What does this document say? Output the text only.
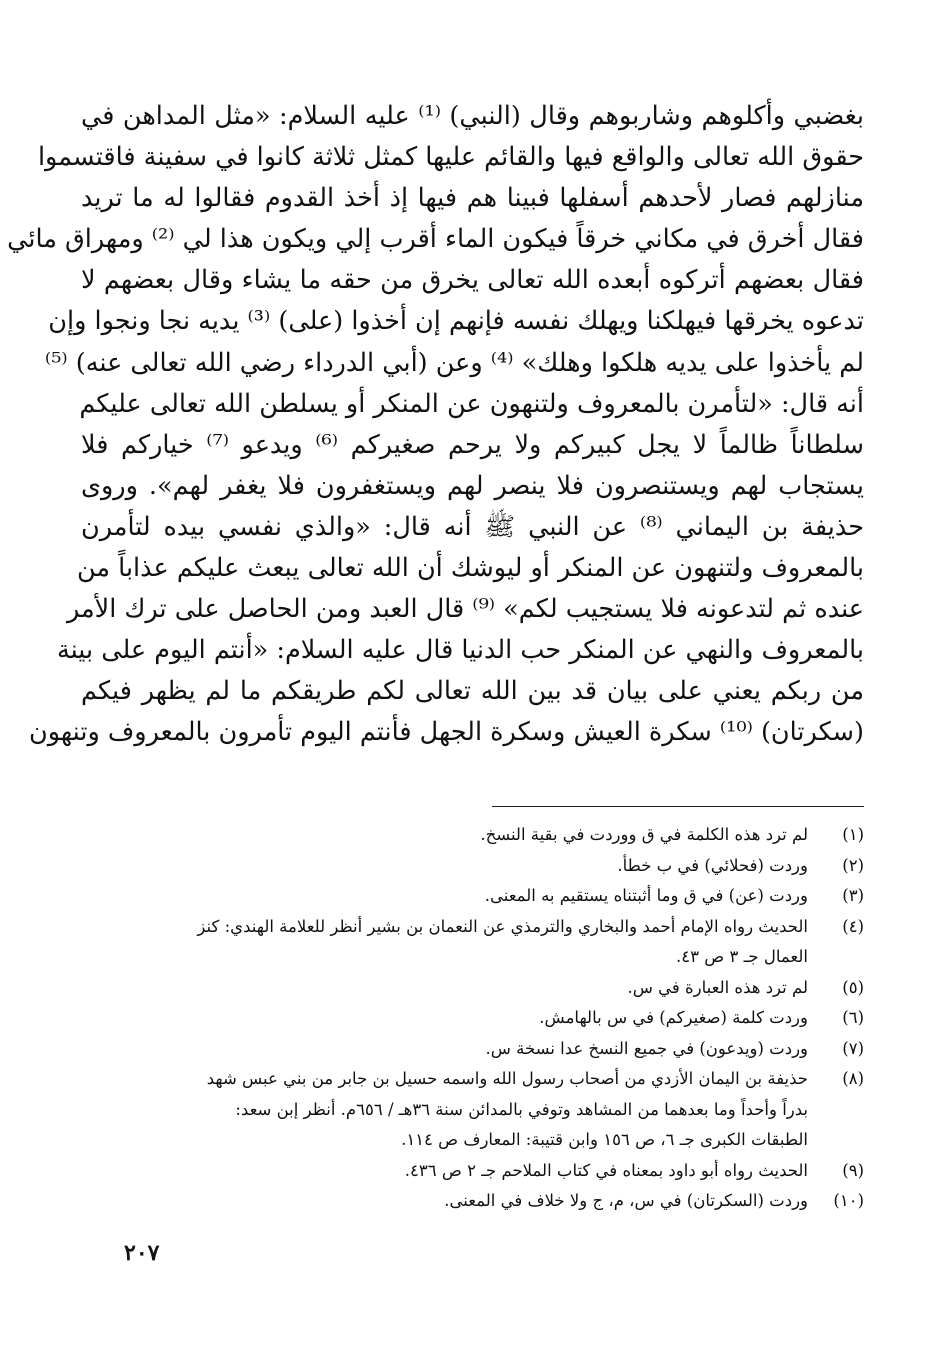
بغضبي وأكلوهم وشاربوهم وقال (النبي) ⁽¹⁾ عليه السلام: «مثل المداهن في
حقوق الله تعالى والواقع فيها والقائم عليها كمثل ثلاثة كانوا في سفينة فاقتسموا
منازلهم فصار لأحدهم أسفلها فبينا هم فيها إذ أخذ القدوم فقالوا له ما تريد
فقال أخرق في مكاني خرقاً فيكون الماء أقرب إلي ويكون هذا لي ⁽²⁾ ومهراق مائي
فقال بعضهم أتركوه أبعده الله تعالى يخرق من حقه ما يشاء وقال بعضهم لا
تدعوه يخرقها فيهلكنا ويهلك نفسه فإنهم إن أخذوا (على) ⁽³⁾ يديه نجا ونجوا وإن
لم يأخذوا على يديه هلكوا وهلك» ⁽⁴⁾ وعن (أبي الدرداء رضي الله تعالى عنه) ⁽⁵⁾
أنه قال: «لتأمرن بالمعروف ولتنهون عن المنكر أو يسلطن الله تعالى عليكم
سلطاناً ظالماً لا يجل كبيركم ولا يرحم صغيركم ⁽⁶⁾ ويدعو ⁽⁷⁾ خياركم فلا
يستجاب لهم ويستنصرون فلا ينصر لهم ويستغفرون فلا يغفر لهم». وروى
حذيفة بن اليماني ⁽⁸⁾ عن النبي ﷺ أنه قال: «والذي نفسي بيده لتأمرن
بالمعروف ولتنهون عن المنكر أو ليوشك أن الله تعالى يبعث عليكم عذاباً من
عنده ثم لتدعونه فلا يستجيب لكم» ⁽⁹⁾ قال العبد ومن الحاصل على ترك الأمر
بالمعروف والنهي عن المنكر حب الدنيا قال عليه السلام: «أنتم اليوم على بينة
من ربكم يعني على بيان قد بين الله تعالى لكم طريقكم ما لم يظهر فيكم
(سكرتان) ⁽¹⁰⁾ سكرة العيش وسكرة الجهل فأنتم اليوم تأمرون بالمعروف وتنهون
(١)
لم ترد هذه الكلمة في ق ووردت في بقية النسخ.
(٢)
وردت (فحلائي) في ب خطأ.
(٣)
وردت (عن) في ق وما أثبتناه يستقيم به المعنى.
(٤)
الحديث رواه الإمام أحمد والبخاري والترمذي عن النعمان بن بشير أنظر للعلامة الهندي: كنز
العمال جـ ٣ ص ٤٣.
(٥)
لم ترد هذه العبارة في س.
(٦)
وردت كلمة (صغيركم) في س بالهامش.
(٧)
وردت (ويدعون) في جميع النسخ عدا نسخة س.
(٨)
حذيفة بن اليمان الأزدي من أصحاب رسول الله واسمه حسيل بن جابر من بني عبس شهد
بدراً وأحداً وما بعدهما من المشاهد وتوفي بالمدائن سنة ٣٦هـ / ٦٥٦م. أنظر إبن سعد:
الطبقات الكبرى جـ ٦، ص ١٥٦ وابن قتيبة: المعارف ص ١١٤.
(٩)
الحديث رواه أبو داود بمعناه في كتاب الملاحم جـ ٢ ص ٤٣٦.
(١٠)
وردت (السكرتان) في س، م، ج ولا خلاف في المعنى.
٢٠٧
